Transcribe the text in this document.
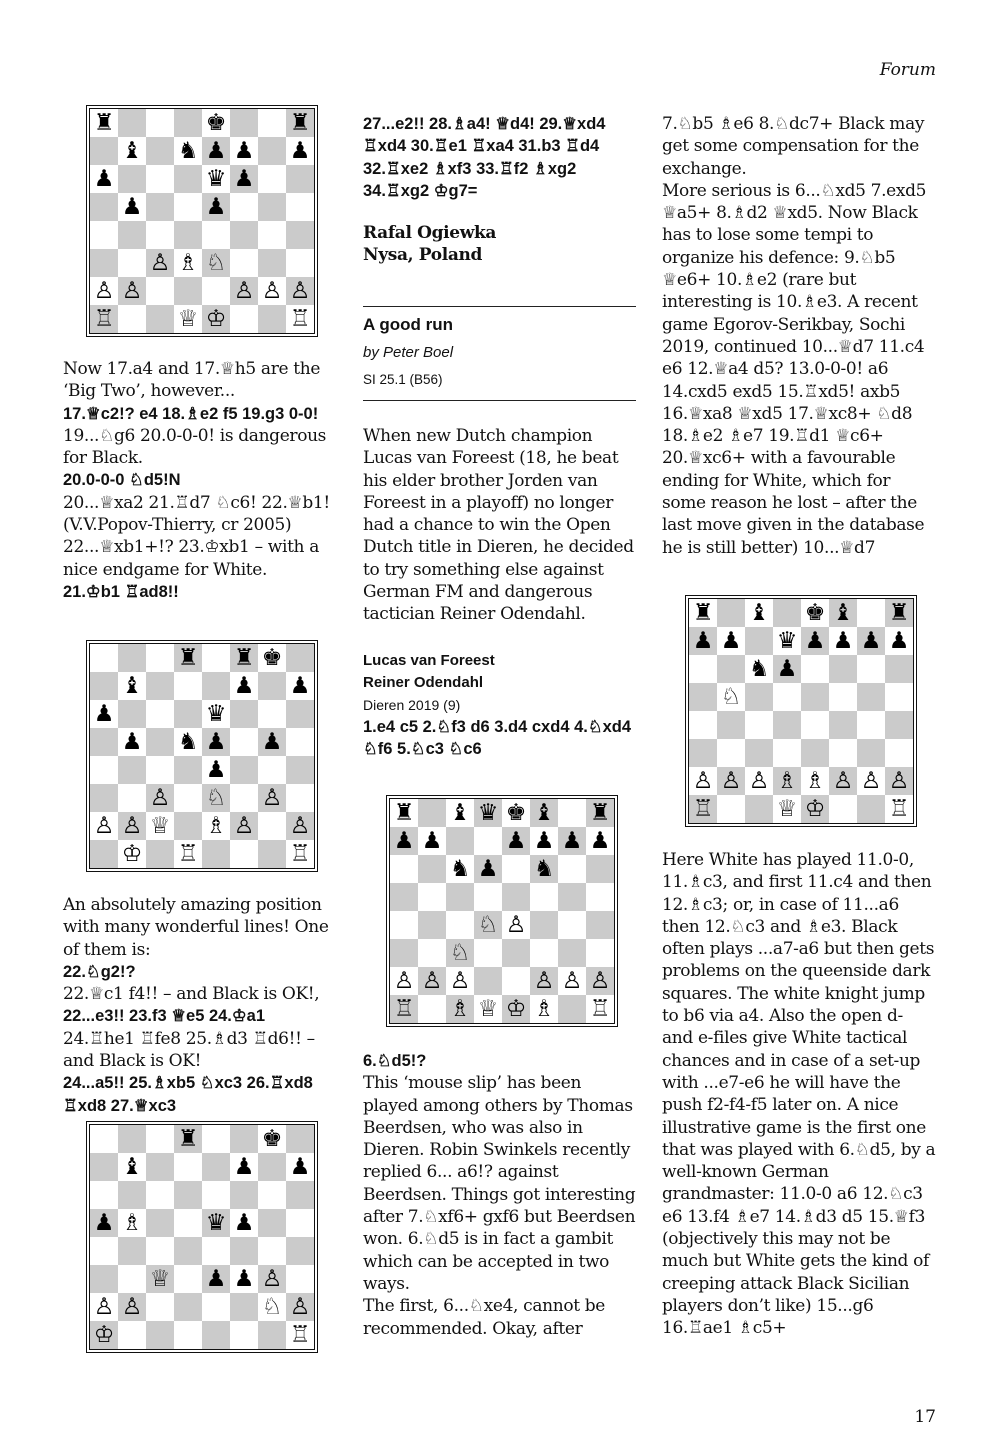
Forum
♜	♚	♜
♝ ♞ ♟ ♟ ♟
♟	♛ ♟
♟	♟
♙ ♗ ♘
♙ ♙	♙ ♙ ♙
♖	♕ ♔	♖

Now 17.a4 and 17.♕h5 are the ‘Big Two’, however...

17.♕c2!? e4 18.♗e2 f5 19.g3 0-0!

19...♘g6 20.0-0-0! is dangerous for Black.

20.0-0-0 ♘d5!N

20...♕xa2 21.♖d7 ♘c6! 22.♕b1! (V.V.Popov-Thierry, cr 2005) 22...♕xb1+!? 23.♔xb1 – with a nice endgame for White.

21.♔b1 ♖ad8!!

♜ ♜ ♚
♝	♟ ♟
♟	♛
♟ ♞ ♟ ♟
♟
♙ ♘ ♙
♙ ♙ ♕ ♗ ♙ ♙
♔ ♖	♖

An absolutely amazing position with many wonderful lines! One of them is:

22.♘g2!?

22.♕c1 f4!! – and Black is OK!,

22...e3!! 23.f3 ♕e5 24.♔a1

24.♖he1 ♖fe8 25.♗d3 ♖d6!! – and Black is OK!

24...a5!! 25.♗xb5 ♘xc3 26.♖xd8 ♖xd8 27.♕xc3

♜	♚
♝	♟ ♟
♟ ♗	♛ ♟
♕ ♟ ♟ ♙
♙ ♙	♘ ♙
♔	♖

27...e2!! 28.♗a4! ♕d4! 29.♕xd4 ♖xd4 30.♖e1 ♖xa4 31.b3 ♖d4 32.♖xe2 ♗xf3 33.♖f2 ♗xg2 34.♖xg2 ♔g7=

Rafal Ogiewka

Nysa, Poland

A good run

by Peter Boel

SI 25.1 (B56)

When new Dutch champion Lucas van Foreest (18, he beat his elder brother Jorden van Foreest in a playoff) no longer had a chance to win the Open Dutch title in Dieren, he decided to try something else against German FM and dangerous tactician Reiner Odendahl.

Lucas van Foreest

Reiner Odendahl

Dieren 2019 (9)

1.e4 c5 2.♘f3 d6 3.d4 cxd4 4.♘xd4 ♘f6 5.♘c3 ♘c6

♜ ♝ ♛ ♚ ♝ ♜
♟ ♟	♟ ♟ ♟ ♟
♞ ♟ ♞
♘ ♙
♘
♙ ♙ ♙	♙ ♙ ♙
♖ ♗ ♕ ♔ ♗ ♖

6.♘d5!?

This ‘mouse slip’ has been played among others by Thomas Beerdsen, who was also in Dieren. Robin Swinkels recently replied 6... a6!? against Beerdsen. Things got interesting after 7.♘xf6+ gxf6 but Beerdsen won. 6.♘d5 is in fact a gambit which can be accepted in two ways.

The first, 6...♘xe4, cannot be recommended. Okay, after

7.♘b5 ♗e6 8.♘dc7+ Black may get some compensation for the exchange.

More serious is 6...♘xd5 7.exd5 ♕a5+ 8.♗d2 ♕xd5. Now Black has to lose some tempi to organize his defence: 9.♘b5 ♕e6+ 10.♗e2 (rare but interesting is 10.♗e3. A recent game Egorov-Serikbay, Sochi 2019, continued 10...♕d7 11.c4 e6 12.♕a4 d5? 13.0-0-0! a6 14.cxd5 exd5 15.♖xd5! axb5 16.♕xa8 ♕xd5 17.♕xc8+ ♘d8 18.♗e2 ♗e7 19.♖d1 ♕c6+ 20.♕xc6+ with a favourable ending for White, which for some reason he lost – after the last move given in the database he is still better) 10...♕d7

♜ ♝ ♚ ♝ ♜
♟ ♟ ♛ ♟ ♟ ♟ ♟
♞ ♟
♘
♙ ♙ ♙ ♗ ♗ ♙ ♙ ♙
♖	♕ ♔	♖

Here White has played 11.0-0, 11.♗c3, and first 11.c4 and then 12.♗c3; or, in case of 11...a6 then 12.♘c3 and ♗e3. Black often plays ...a7-a6 but then gets problems on the queenside dark squares. The white knight jump to b6 via a4. Also the open d- and e-files give White tactical chances and in case of a set-up with ...e7-e6 he will have the push f2-f4-f5 later on. A nice illustrative game is the first one that was played with 6.♘d5, by a well-known German grandmaster: 11.0-0 a6 12.♘c3 e6 13.f4 ♗e7 14.♗d3 d5 15.♕f3 (objectively this may not be much but White gets the kind of creeping attack Black Sicilian players don’t like) 15...g6 16.♖ae1 ♗c5+

17
